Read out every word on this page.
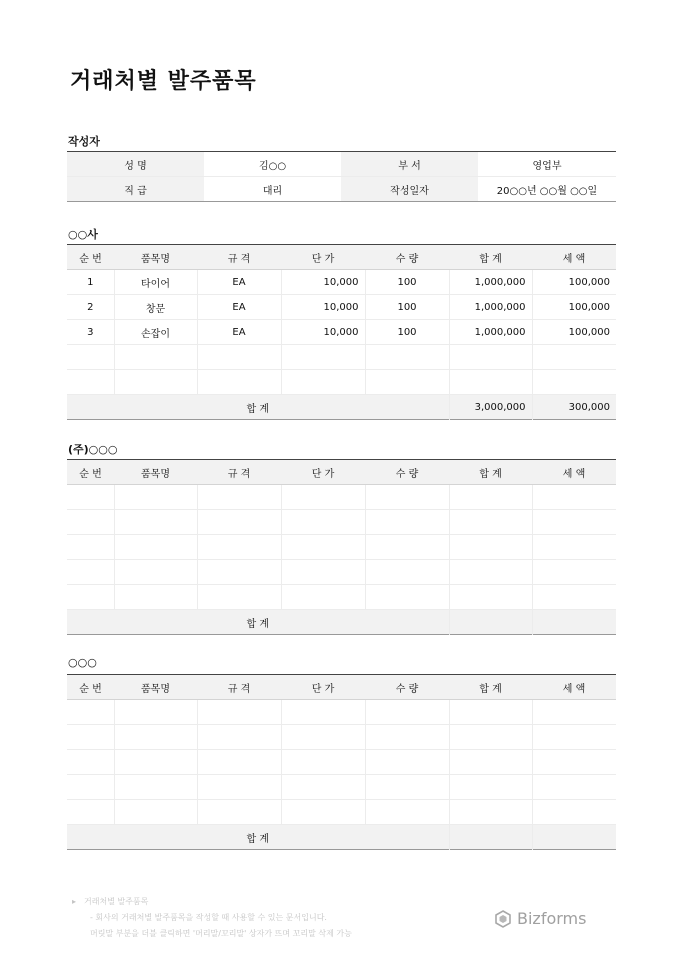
거래처별 발주품목
작성자
성 명	김○○	부 서	영업부
직 급	대리	작성일자	20○○년 ○○월 ○○일
○○사
순 번	품목명	규 격	단 가	수 량	합 계	세 액
1	타이어	EA	10,000	100	1,000,000	100,000
2	창문	EA	10,000	100	1,000,000	100,000
3	손잡이	EA	10,000	100	1,000,000	100,000

합 계					3,000,000	300,000
(주)○○○
순 번	품목명	규 격	단 가	수 량	합 계	세 액

합 계						
○○○
순 번	품목명	규 격	단 가	수 량	합 계	세 액

합 계						
▸ 거래처별 발주품목
- 회사의 거래처별 발주품목을 작성할 때 사용할 수 있는 문서입니다.
머릿말 부분을 더블 클릭하면 '머리말/꼬리말' 상자가 뜨며 꼬리말 삭제 가능
Bizforms
